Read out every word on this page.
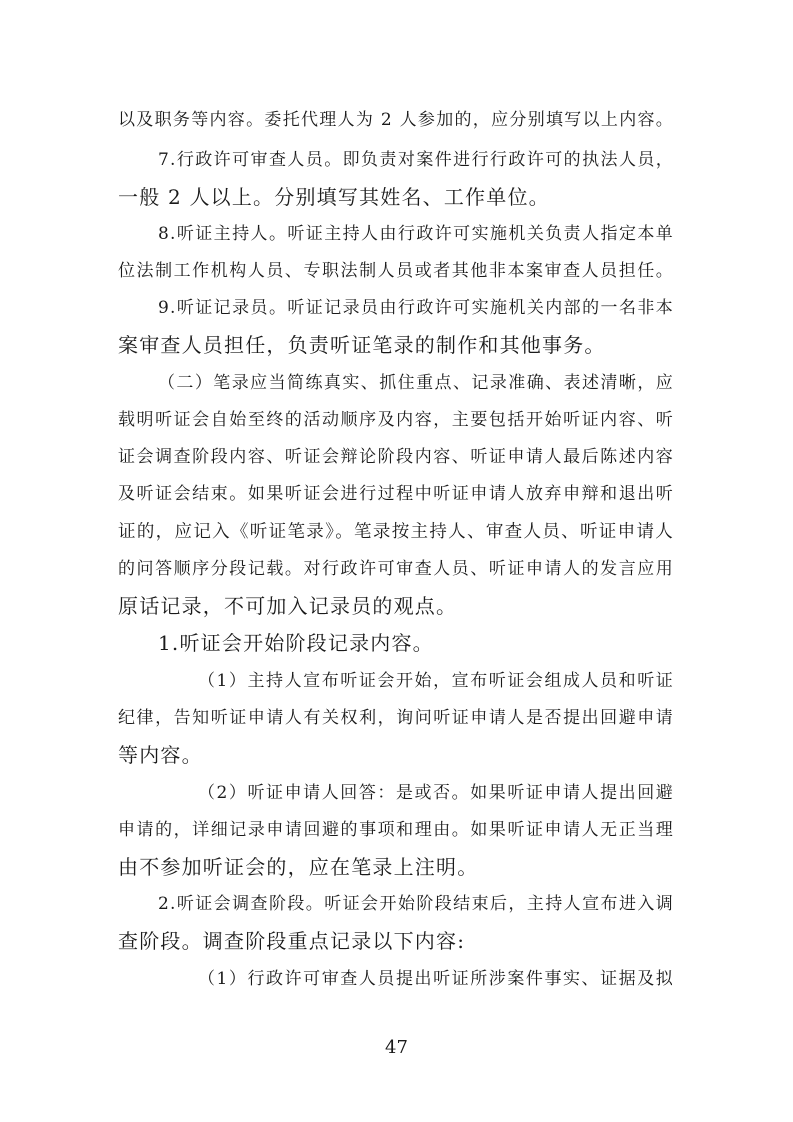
以及职务等内容。委托代理人为 2 人参加的，应分别填写以上内容。
7.行政许可审查人员。即负责对案件进行行政许可的执法人员，
一般 2 人以上。分别填写其姓名、工作单位。
8.听证主持人。听证主持人由行政许可实施机关负责人指定本单
位法制工作机构人员、专职法制人员或者其他非本案审查人员担任。
9.听证记录员。听证记录员由行政许可实施机关内部的一名非本
案审查人员担任，负责听证笔录的制作和其他事务。
（二）笔录应当简练真实、抓住重点、记录准确、表述清晰，应
载明听证会自始至终的活动顺序及内容，主要包括开始听证内容、听
证会调查阶段内容、听证会辩论阶段内容、听证申请人最后陈述内容
及听证会结束。如果听证会进行过程中听证申请人放弃申辩和退出听
证的，应记入《听证笔录》。笔录按主持人、审查人员、听证申请人
的问答顺序分段记载。对行政许可审查人员、听证申请人的发言应用
原话记录，不可加入记录员的观点。
1.听证会开始阶段记录内容。
（1）主持人宣布听证会开始，宣布听证会组成人员和听证
纪律，告知听证申请人有关权利，询问听证申请人是否提出回避申请
等内容。
（2）听证申请人回答：是或否。如果听证申请人提出回避
申请的，详细记录申请回避的事项和理由。如果听证申请人无正当理
由不参加听证会的，应在笔录上注明。
2.听证会调查阶段。听证会开始阶段结束后，主持人宣布进入调
查阶段。调查阶段重点记录以下内容:
（1）行政许可审查人员提出听证所涉案件事实、证据及拟
47
